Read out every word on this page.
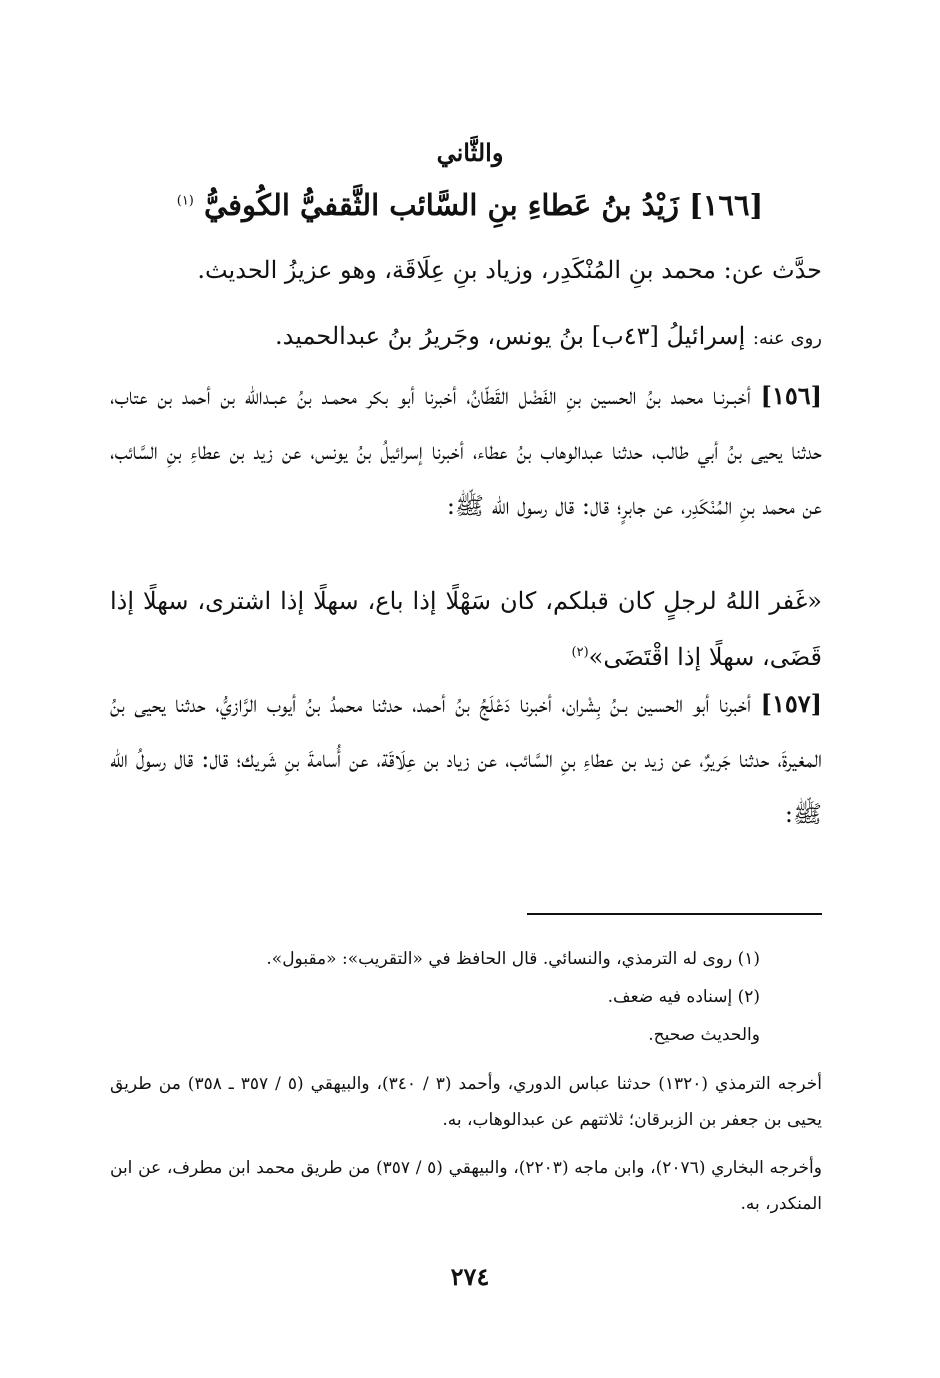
والثَّاني
[١٦٦] زَيْدُ بنُ عَطاءِ بنِ السَّائب الثَّقفيُّ الكُوفيُّ $^{(١)}$
حدَّث عن: محمد بنِ المُنْكَدِر، وزياد بنِ عِلَاقَة، وهو عزيزُ الحديث.
روى عنه: إسرائيلُ [٤٣ب] بنُ يونس، وجَريرُ بنُ عبدالحميد.
[١٥٦] أخبـرنـا محمد بنُ الحسين بنِ الفَضْل القَطّانُ، أخبرنا أبو بكر محمـد بنُ عبـدالله بن أحمد بن عتاب، حدثنا يحيى بنُ أبي طالب، حدثنا عبدالوهاب بنُ عطاء، أخبرنا إسرائيلُ بنُ يونس، عن زيد بن عطاءِ بنِ السَّائب، عن محمد بنِ المُنْكَدِر، عن جابرٍ؛ قال: قال رسول الله ﷺ:
«غَفر اللهُ لرجلٍ كان قبلكم، كان سَهْلًا إذا باع، سهلًا إذا اشترى، سهلًا إذا قَضَى، سهلًا إذا اقْتَضَى»$^{(٢)}$
[١٥٧] أخبرنا أبو الحسين بـنُ بِشْران، أخبرنا دَعْلَجُ بنُ أحمد، حدثنا محمدُ بنُ أيوب الرَّازيُّ، حدثنا يحيى بنُ المغيرةَ، حدثنا جَريرٌ، عن زيد بن عطاءِ بنِ السَّائب، عن زياد بن عِلَاقَة، عن أُسامةَ بنِ شَريك؛ قال: قال رسولُ الله ﷺ:
(١) روى له الترمذي، والنسائي. قال الحافظ في «التقريب»: «مقبول».
(٢) إسناده فيه ضعف.
والحديث صحيح.
أخرجه الترمذي (١٣٢٠) حدثنا عباس الدوري، وأحمد (٣ / ٣٤٠)، والبيهقي (٥ / ٣٥٧ ـ ٣٥٨) من طريق يحيى بن جعفر بن الزبرقان؛ ثلاثتهم عن عبدالوهاب، به.
وأخرجه البخاري (٢٠٧٦)، وابن ماجه (٢٢٠٣)، والبيهقي (٥ / ٣٥٧) من طريق محمد ابن مطرف، عن ابن المنكدر، به.
٢٧٤
